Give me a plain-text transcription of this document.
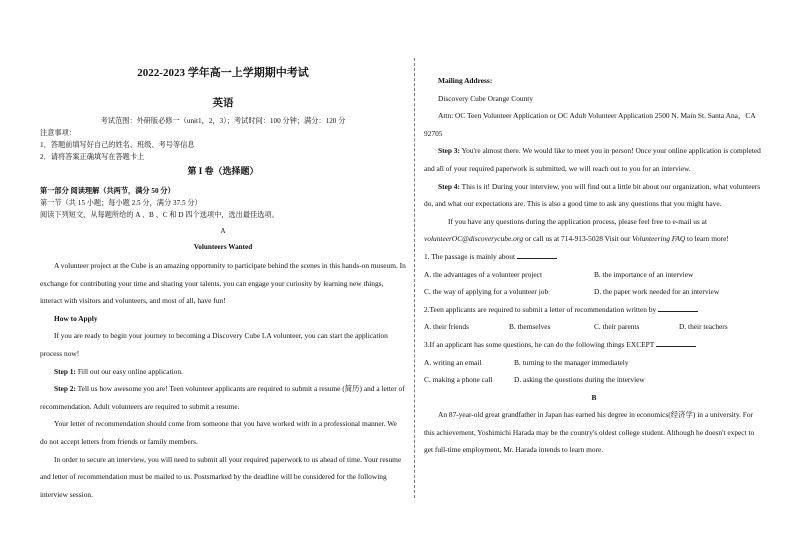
2022-2023 学年高一上学期期中考试
英语

考试范围：外研版必修一（unit1，2，3）；考试时间：100 分钟；满分：120 分

注意事项：

1．答题前填写好自己的姓名、班级、考号等信息

2．请将答案正确填写在答题卡上

第 I 卷（选择题）

第一部分 阅读理解（共两节，满分 50 分）

第一节（共 15 小题；每小题 2.5 分，满分 37.5 分）

阅读下列短文，从每题所给的 A 、B 、C 和 D 四个选项中，选出最佳选项。

A

Volunteers Wanted

A volunteer project at the Cube is an amazing opportunity to participate behind the scenes in this hands-on museum. In exchange for contributing your time and sharing your talents, you can engage your curiosity by learning new things, interact with visitors and volunteers, and most of all, have fun!

How to Apply

If you are ready to begin your journey to becoming a Discovery Cube LA volunteer, you can start the application process now!

Step 1: Fill out our easy online application.

Step 2: Tell us how awesome you are! Teen volunteer applicants are required to submit a resume (简历) and a letter of recommendation. Adult volunteers are required to submit a resume.

Your letter of recommendation should come from someone that you have worked with in a professional manner. We do not accept letters from friends or family members.

In order to secure an interview, you will need to submit all your required paperwork to us ahead of time. Your resume and letter of recommendation must be mailed to us. Postsmarked by the deadline will be considered for the following interview session.

Mailing Address:

Discovery Cube Orange County

Attn: OC Teen Volunteer Application or OC Adult Volunteer Application 2500 N. Main St. Santa Ana，CA 92705

Step 3: You're almost there. We would like to meet you in person! Once your online application is completed and all of your required paperwork is submitted, we will reach out to you for an interview.

Step 4: This is it! During your interview, you will find out a little bit about our organization, what volunteers do, and what our expectations are. This is also a good time to ask any questions that you might have.

If you have any questions during the application process, please feel free to e-mail us at volunteerOC@discoverycube.org or call us at 714-913-5028 Visit our Volunteering FAQ to learn more!

1. The passage is mainly about

A. the advantages of a volunteer project	B. the importance of an interview
C. the way of applying for a volunteer job	D. the paper work needed for an interview

2.Teen applicants are required to submit a letter of recommendation written by

A. their friends	B. themselves	C. their parents	D. their teachers

3.If an applicant has some questions, he can do the following things EXCEPT

A. writing an email	B. turning to the manager immediately
C. making a phone call	D. asking the questions during the interview

B

An 87-year-old great grandfather in Japan has earned his degree in economics(经济学) in a university. For this achievement, Yoshimichi Harada may be the country's oldest college student. Although he doesn't expect to get full-time employment, Mr. Harada intends to learn more.
